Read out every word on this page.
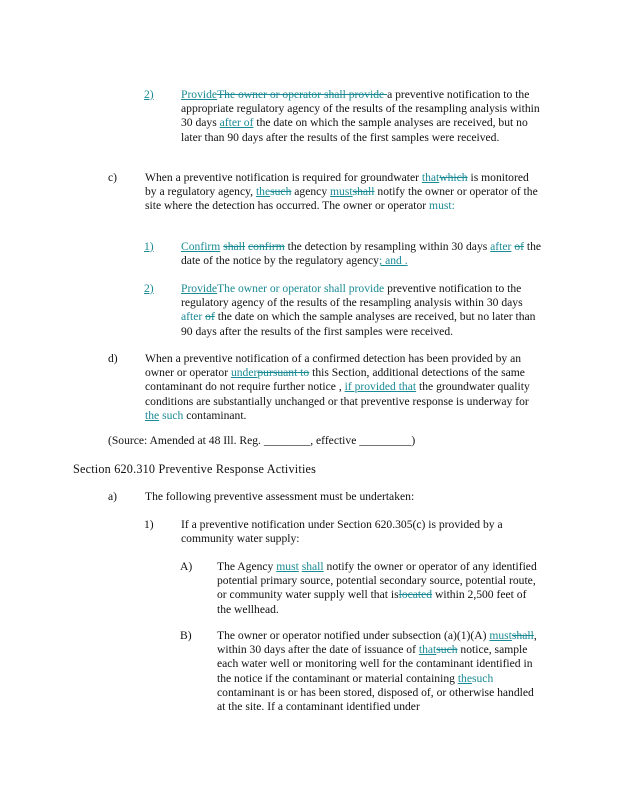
2) ProvideThe owner or operator shall provide a preventive notification to the appropriate regulatory agency of the results of the resampling analysis within 30 days after of the date on which the sample analyses are received, but no later than 90 days after the results of the first samples were received.
c) When a preventive notification is required for groundwater thatwhich is monitored by a regulatory agency, thesuch agency mustshall notify the owner or operator of the site where the detection has occurred. The owner or operator must:
1) Confirm shall confirm the detection by resampling within 30 days after of the date of the notice by the regulatory agency; and .
2) ProvideThe owner or operator shall provide preventive notification to the regulatory agency of the results of the resampling analysis within 30 days after of the date on which the sample analyses are received, but no later than 90 days after the results of the first samples were received.
d) When a preventive notification of a confirmed detection has been provided by an owner or operator underpursuant to this Section, additional detections of the same contaminant do not require further notice , if provided that the groundwater quality conditions are substantially unchanged or that preventive response is underway for the such contaminant.
(Source: Amended at 48 Ill. Reg. ________, effective _________)
Section 620.310 Preventive Response Activities
a) The following preventive assessment must be undertaken:
1) If a preventive notification under Section 620.305(c) is provided by a community water supply:
A) The Agency must shall notify the owner or operator of any identified potential primary source, potential secondary source, potential route, or community water supply well that islocated within 2,500 feet of the wellhead.
B) The owner or operator notified under subsection (a)(1)(A) mustshall, within 30 days after the date of issuance of thatsuch notice, sample each water well or monitoring well for the contaminant identified in the notice if the contaminant or material containing thesuch contaminant is or has been stored, disposed of, or otherwise handled at the site. If a contaminant identified under
